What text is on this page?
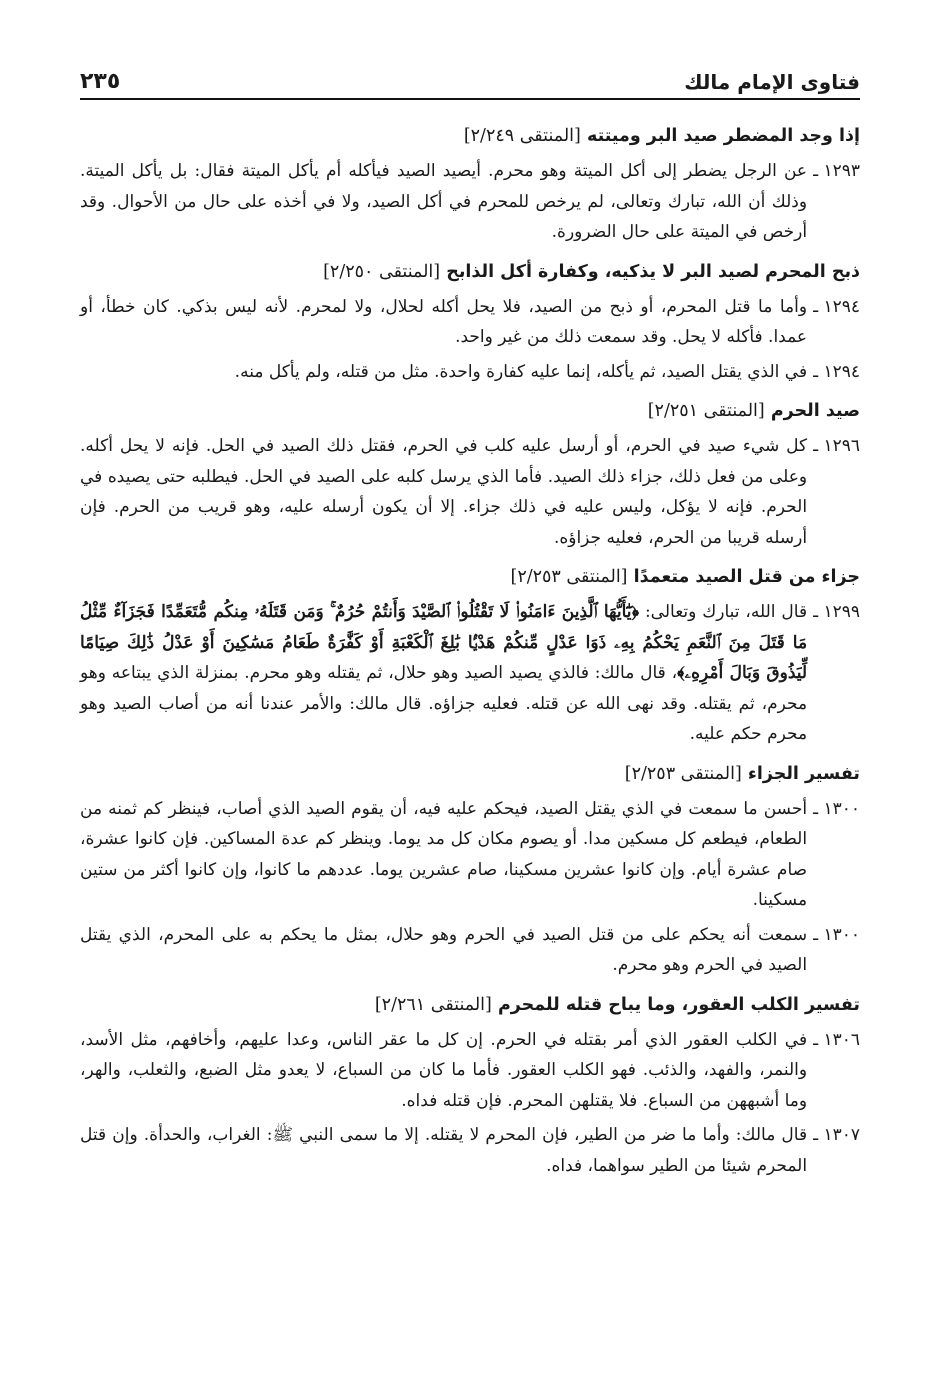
فتاوى الإمام مالك
٢٣٥
إذا وجد المضطر صيد البر وميتته [المنتقى ٢/٢٤٩]
١٢٩٣ ـ
عن الرجل يضطر إلى أكل الميتة وهو محرم. أيصيد الصيد فيأكله أم يأكل الميتة فقال: بل يأكل الميتة. وذلك أن الله، تبارك وتعالى، لم يرخص للمحرم في أكل الصيد، ولا في أخذه على حال من الأحوال. وقد أرخص في الميتة على حال الضرورة.
ذبح المحرم لصيد البر لا يذكيه، وكفارة أكل الذابح [المنتقى ٢/٢٥٠]
١٢٩٤ ـ
وأما ما قتل المحرم، أو ذبح من الصيد، فلا يحل أكله لحلال، ولا لمحرم. لأنه ليس بذكي. كان خطأ، أو عمدا. فأكله لا يحل. وقد سمعت ذلك من غير واحد.
١٢٩٤ ـ
في الذي يقتل الصيد، ثم يأكله، إنما عليه كفارة واحدة. مثل من قتله، ولم يأكل منه.
صيد الحرم [المنتقى ٢/٢٥١]
١٢٩٦ ـ
كل شيء صيد في الحرم، أو أرسل عليه كلب في الحرم، فقتل ذلك الصيد في الحل. فإنه لا يحل أكله. وعلى من فعل ذلك، جزاء ذلك الصيد. فأما الذي يرسل كلبه على الصيد في الحل. فيطلبه حتى يصيده في الحرم. فإنه لا يؤكل، وليس عليه في ذلك جزاء. إلا أن يكون أرسله عليه، وهو قريب من الحرم. فإن أرسله قريبا من الحرم، فعليه جزاؤه.
جزاء من قتل الصيد متعمدًا [المنتقى ٢/٢٥٣]
١٢٩٩ ـ
قال الله، تبارك وتعالى: ﴿يَٰٓأَيُّهَا ٱلَّذِينَ ءَامَنُوا۟ لَا تَقْتُلُوا۟ ٱلصَّيْدَ وَأَنتُمْ حُرُمٌ ۚ وَمَن قَتَلَهُۥ مِنكُم مُّتَعَمِّدًا فَجَزَآءٌ مِّثْلُ مَا قَتَلَ مِنَ ٱلنَّعَمِ يَحْكُمُ بِهِۦ ذَوَا عَدْلٍ مِّنكُمْ هَدْيًۢا بَٰلِغَ ٱلْكَعْبَةِ أَوْ كَفَّٰرَةٌ طَعَامُ مَسَٰكِينَ أَوْ عَدْلُ ذَٰلِكَ صِيَامًا لِّيَذُوقَ وَبَالَ أَمْرِهِۦ﴾، قال مالك: فالذي يصيد الصيد وهو حلال، ثم يقتله وهو محرم. بمنزلة الذي يبتاعه وهو محرم، ثم يقتله. وقد نهى الله عن قتله. فعليه جزاؤه. قال مالك: والأمر عندنا أنه من أصاب الصيد وهو محرم حكم عليه.
تفسير الجزاء [المنتقى ٢/٢٥٣]
١٣٠٠ ـ
أحسن ما سمعت في الذي يقتل الصيد، فيحكم عليه فيه، أن يقوم الصيد الذي أصاب، فينظر كم ثمنه من الطعام، فيطعم كل مسكين مدا. أو يصوم مكان كل مد يوما. وينظر كم عدة المساكين. فإن كانوا عشرة، صام عشرة أيام. وإن كانوا عشرين مسكينا، صام عشرين يوما. عددهم ما كانوا، وإن كانوا أكثر من ستين مسكينا.
١٣٠٠ ـ
سمعت أنه يحكم على من قتل الصيد في الحرم وهو حلال، بمثل ما يحكم به على المحرم، الذي يقتل الصيد في الحرم وهو محرم.
تفسير الكلب العقور، وما يباح قتله للمحرم [المنتقى ٢/٢٦١]
١٣٠٦ ـ
في الكلب العقور الذي أمر بقتله في الحرم. إن كل ما عقر الناس، وعدا عليهم، وأخافهم، مثل الأسد، والنمر، والفهد، والذئب. فهو الكلب العقور. فأما ما كان من السباع، لا يعدو مثل الضبع، والثعلب، والهر، وما أشبههن من السباع. فلا يقتلهن المحرم. فإن قتله فداه.
١٣٠٧ ـ
قال مالك: وأما ما ضر من الطير، فإن المحرم لا يقتله. إلا ما سمى النبي ﷺ: الغراب، والحدأة. وإن قتل المحرم شيئا من الطير سواهما، فداه.
